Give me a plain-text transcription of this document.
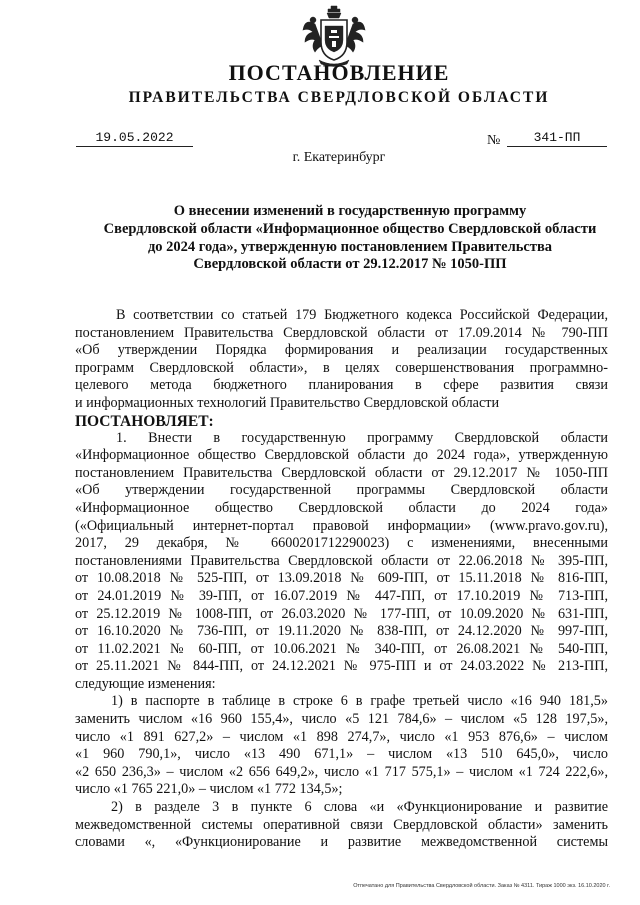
ПОСТАНОВЛЕНИЕ
ПРАВИТЕЛЬСТВА СВЕРДЛОВСКОЙ ОБЛАСТИ
19.05.2022	№	341-ПП
г. Екатеринбург
О внесении изменений в государственную программу
Свердловской области «Информационное общество Свердловской области
до 2024 года», утвержденную постановлением Правительства
Свердловской области от 29.12.2017 № 1050-ПП

В соответствии со статьей 179 Бюджетного кодекса Российской Федерации,

постановлением Правительства Свердловской области от 17.09.2014 № 790-ПП

«Об утверждении Порядка формирования и реализации государственных

программ Свердловской области», в целях совершенствования программно-

целевого метода бюджетного планирования в сфере развития связи

и информационных технологий Правительство Свердловской области

ПОСТАНОВЛЯЕТ:

1. Внести в государственную программу Свердловской области

«Информационное общество Свердловской области до 2024 года», утвержденную

постановлением Правительства Свердловской области от 29.12.2017 № 1050-ПП

«Об утверждении государственной программы Свердловской области

«Информационное общество Свердловской области до 2024 года»

(«Официальный интернет-портал правовой информации» (www.pravo.gov.ru),

2017, 29 декабря, № 6600201712290023) с изменениями, внесенными

постановлениями Правительства Свердловской области от 22.06.2018 № 395-ПП,

от 10.08.2018 № 525-ПП, от 13.09.2018 № 609-ПП, от 15.11.2018 № 816-ПП,

от 24.01.2019 № 39-ПП, от 16.07.2019 № 447-ПП, от 17.10.2019 № 713-ПП,

от 25.12.2019 № 1008-ПП, от 26.03.2020 № 177-ПП, от 10.09.2020 № 631-ПП,

от 16.10.2020 № 736-ПП, от 19.11.2020 № 838-ПП, от 24.12.2020 № 997-ПП,

от 11.02.2021 № 60-ПП, от 10.06.2021 № 340-ПП, от 26.08.2021 № 540-ПП,

от 25.11.2021 № 844-ПП, от 24.12.2021 № 975-ПП и от 24.03.2022 № 213-ПП,

следующие изменения:

1) в паспорте в таблице в строке 6 в графе третьей число «16 940 181,5»

заменить числом «16 960 155,4», число «5 121 784,6» – числом «5 128 197,5»,

число «1 891 627,2» – числом «1 898 274,7», число «1 953 876,6» – числом

«1 960 790,1», число «13 490 671,1» – числом «13 510 645,0», число

«2 650 236,3» – числом «2 656 649,2», число «1 717 575,1» – числом «1 724 222,6»,

число «1 765 221,0» – числом «1 772 134,5»;

2) в разделе 3 в пункте 6 слова «и «Функционирование и развитие

межведомственной системы оперативной связи Свердловской области» заменить

словами «, «Функционирование и развитие межведомственной системы

Отпечатано для Правительства Свердловской области. Заказ № 4311. Тираж 1000 экз. 16.10.2020 г.
